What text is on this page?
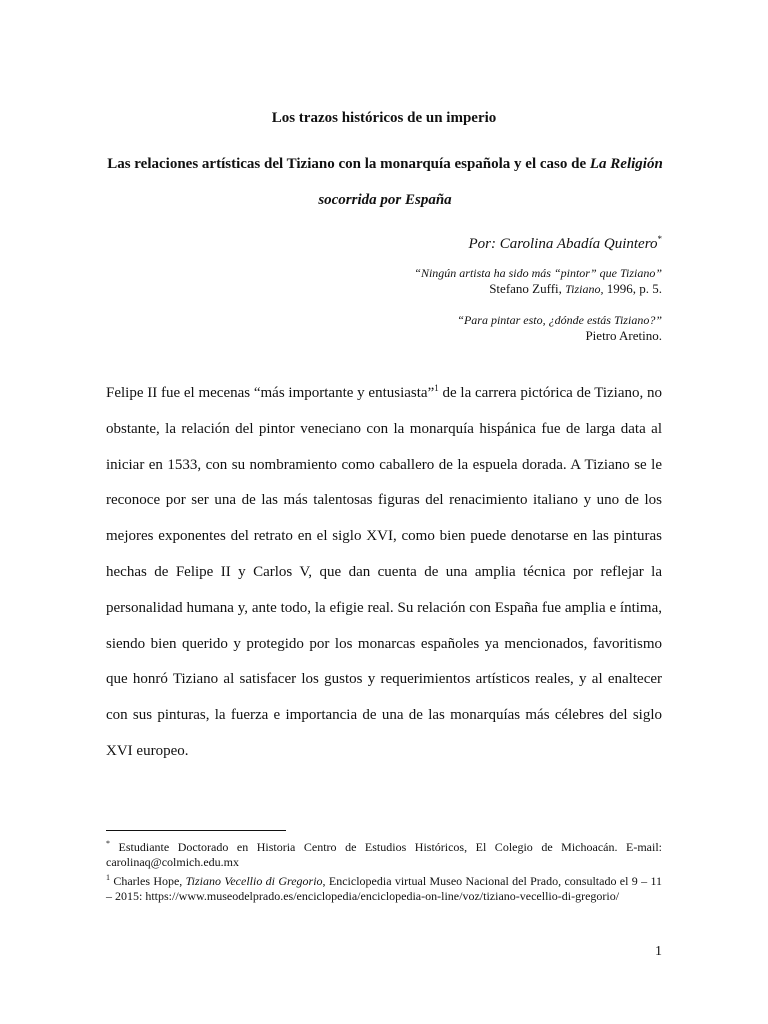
Los trazos históricos de un imperio
Las relaciones artísticas del Tiziano con la monarquía española y el caso de La Religión socorrida por España
Por: Carolina Abadía Quintero*
“Ningún artista ha sido más “pintor” que Tiziano”
Stefano Zuffi, Tiziano, 1996, p. 5.
“Para pintar esto, ¿dónde estás Tiziano?”
Pietro Aretino.

Felipe II fue el mecenas “más importante y entusiasta”$^1$ de la carrera pictórica de Tiziano, no obstante, la relación del pintor veneciano con la monarquía hispánica fue de larga data al iniciar en 1533, con su nombramiento como caballero de la espuela dorada. A Tiziano se le reconoce por ser una de las más talentosas figuras del renacimiento italiano y uno de los mejores exponentes del retrato en el siglo XVI, como bien puede denotarse en las pinturas hechas de Felipe II y Carlos V, que dan cuenta de una amplia técnica por reflejar la personalidad humana y, ante todo, la efigie real. Su relación con España fue amplia e íntima, siendo bien querido y protegido por los monarcas españoles ya mencionados, favoritismo que honró Tiziano al satisfacer los gustos y requerimientos artísticos reales, y al enaltecer con sus pinturas, la fuerza e importancia de una de las monarquías más célebres del siglo XVI europeo.

* Estudiante Doctorado en Historia Centro de Estudios Históricos, El Colegio de Michoacán. E-mail: carolinaq@colmich.edu.mx

$^1$ Charles Hope, Tiziano Vecellio di Gregorio, Enciclopedia virtual Museo Nacional del Prado, consultado el 9 – 11 – 2015: https://www.museodelprado.es/enciclopedia/enciclopedia-on-line/voz/tiziano-vecellio-di-gregorio/

1
